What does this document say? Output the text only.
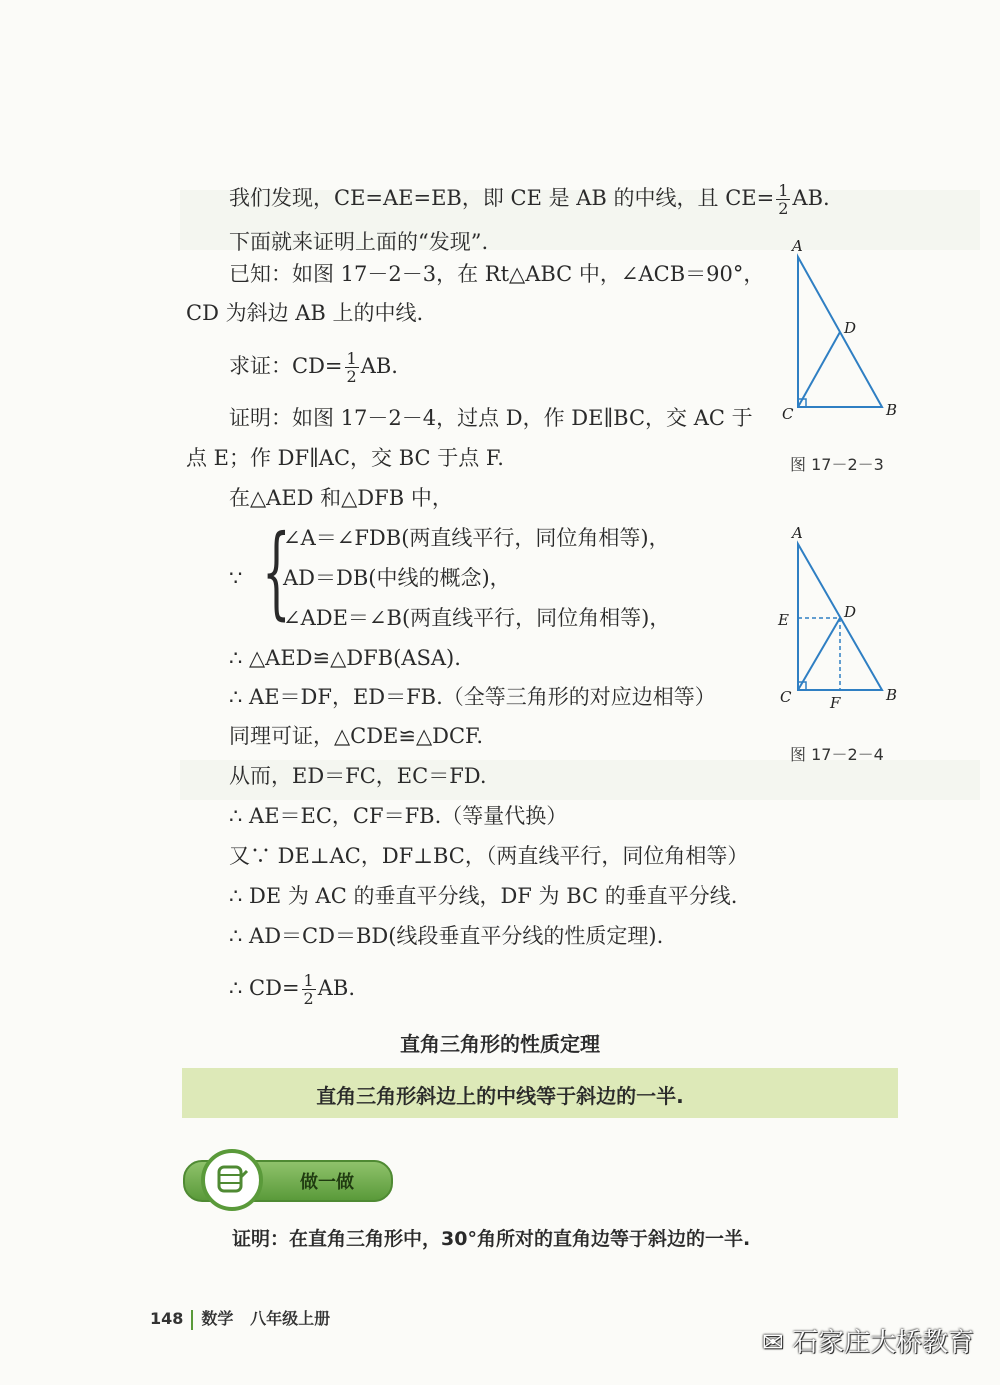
我们发现，CE=AE=EB，即 CE 是 AB 的中线，且 $CE= \frac{1}{2}$ AB.
下面就来证明上面的“发现”.
已知：如图 17－2－3，在 Rt△ABC 中，∠ACB＝90°，
CD 为斜边 AB 上的中线.
求证：$CD= \frac{1}{2}$ AB.
证明：如图 17－2－4，过点 D，作 DE∥BC，交 AC 于
点 E；作 DF∥AC，交 BC 于点 F.
在△AED 和△DFB 中，
{
∠A＝∠FDB(两直线平行，同位角相等)，
∵ AD＝DB(中线的概念)，
∠ADE＝∠B(两直线平行，同位角相等)，
∴ △AED≌△DFB(ASA).
∴ AE＝DF，ED＝FB.（全等三角形的对应边相等）
同理可证，△CDE≌△DCF.
从而，ED＝FC，EC＝FD.
∴ AE＝EC，CF＝FB.（等量代换）
又∵ DE⊥AC，DF⊥BC，（两直线平行，同位角相等）
∴ DE 为 AC 的垂直平分线，DF 为 BC 的垂直平分线.
∴ AD＝CD＝BD(线段垂直平分线的性质定理).
∴ $CD= \frac{1}{2}$ AB.
A
D
C	B
图 17－2－3
A
E	D
C	F	B
图 17－2－4
直角三角形的性质定理
直角三角形斜边上的中线等于斜边的一半.
做一做
证明：在直角三角形中，30°角所对的直角边等于斜边的一半.
148 数学 八年级上册
✉ 石家庄大桥教育
